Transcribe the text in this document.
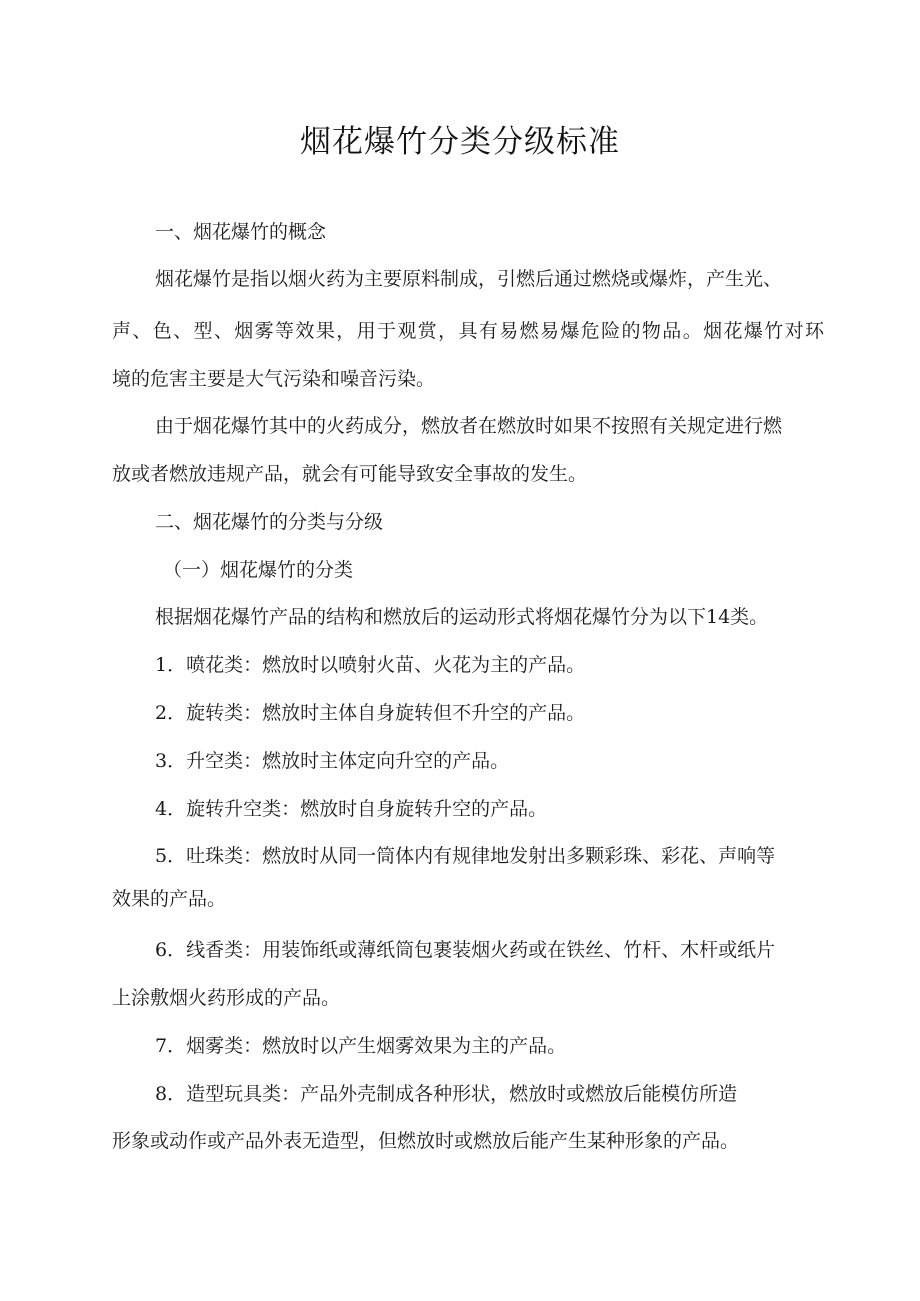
烟花爆竹分类分级标准
一、烟花爆竹的概念
烟花爆竹是指以烟火药为主要原料制成，引燃后通过燃烧或爆炸，产生光、
声、色、型、烟雾等效果，用于观赏，具有易燃易爆危险的物品。烟花爆竹对环
境的危害主要是大气污染和噪音污染。
由于烟花爆竹其中的火药成分，燃放者在燃放时如果不按照有关规定进行燃
放或者燃放违规产品，就会有可能导致安全事故的发生。
二、烟花爆竹的分类与分级
（一）烟花爆竹的分类
根据烟花爆竹产品的结构和燃放后的运动形式将烟花爆竹分为以下14类。
1．喷花类：燃放时以喷射火苗、火花为主的产品。
2．旋转类：燃放时主体自身旋转但不升空的产品。
3．升空类：燃放时主体定向升空的产品。
4．旋转升空类：燃放时自身旋转升空的产品。
5．吐珠类：燃放时从同一筒体内有规律地发射出多颗彩珠、彩花、声响等
效果的产品。
6．线香类：用装饰纸或薄纸筒包裹装烟火药或在铁丝、竹杆、木杆或纸片
上涂敷烟火药形成的产品。
7．烟雾类：燃放时以产生烟雾效果为主的产品。
8．造型玩具类：产品外壳制成各种形状，燃放时或燃放后能模仿所造
形象或动作或产品外表无造型，但燃放时或燃放后能产生某种形象的产品。
